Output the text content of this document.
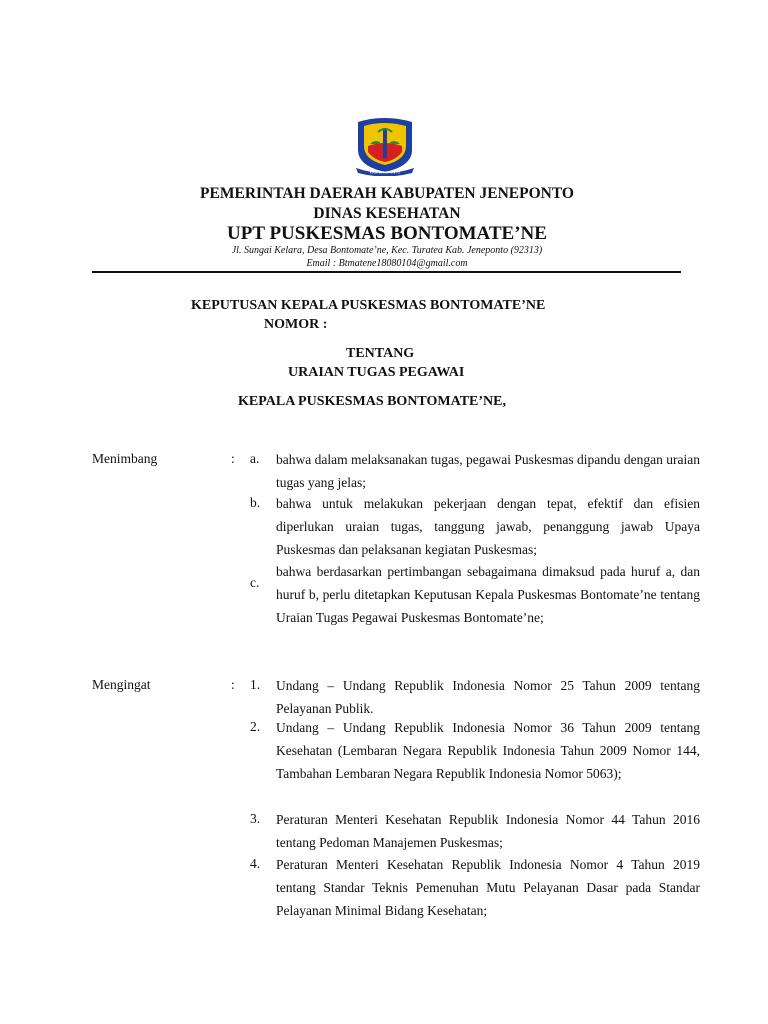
KAB. JENEPONTO
PEMERINTAH DAERAH KABUPATEN JENEPONTO
DINAS KESEHATAN
UPT PUSKESMAS BONTOMATE’NE
Jl. Sungai Kelara, Desa Bontomate’ne, Kec. Turatea Kab. Jeneponto (92313)
Email : Btmatene18080104@gmail.com
KEPUTUSAN KEPALA PUSKESMAS BONTOMATE’NE
NOMOR :
TENTANG
URAIAN TUGAS PEGAWAI
KEPALA PUSKESMAS BONTOMATE’NE,
Menimbang	: a. bahwa dalam melaksanakan tugas, pegawai Puskesmas dipandu dengan uraian tugas yang jelas;
b. bahwa untuk melakukan pekerjaan dengan tepat, efektif dan efisien diperlukan uraian tugas, tanggung jawab, penanggung jawab Upaya Puskesmas dan pelaksanan kegiatan Puskesmas;
c.
bahwa berdasarkan pertimbangan sebagaimana dimaksud pada huruf a, dan huruf b, perlu ditetapkan Keputusan Kepala Puskesmas Bontomate’ne tentang Uraian Tugas Pegawai Puskesmas Bontomate’ne;
Mengingat	: 1. Undang – Undang Republik Indonesia Nomor 25 Tahun 2009 tentang Pelayanan Publik.
2. Undang – Undang Republik Indonesia Nomor 36 Tahun 2009 tentang Kesehatan (Lembaran Negara Republik Indonesia Tahun 2009 Nomor 144, Tambahan Lembaran Negara Republik Indonesia Nomor 5063);
3. Peraturan Menteri Kesehatan Republik Indonesia Nomor 44 Tahun 2016 tentang Pedoman Manajemen Puskesmas;
4. Peraturan Menteri Kesehatan Republik Indonesia Nomor 4 Tahun 2019 tentang Standar Teknis Pemenuhan Mutu Pelayanan Dasar pada Standar Pelayanan Minimal Bidang Kesehatan;
